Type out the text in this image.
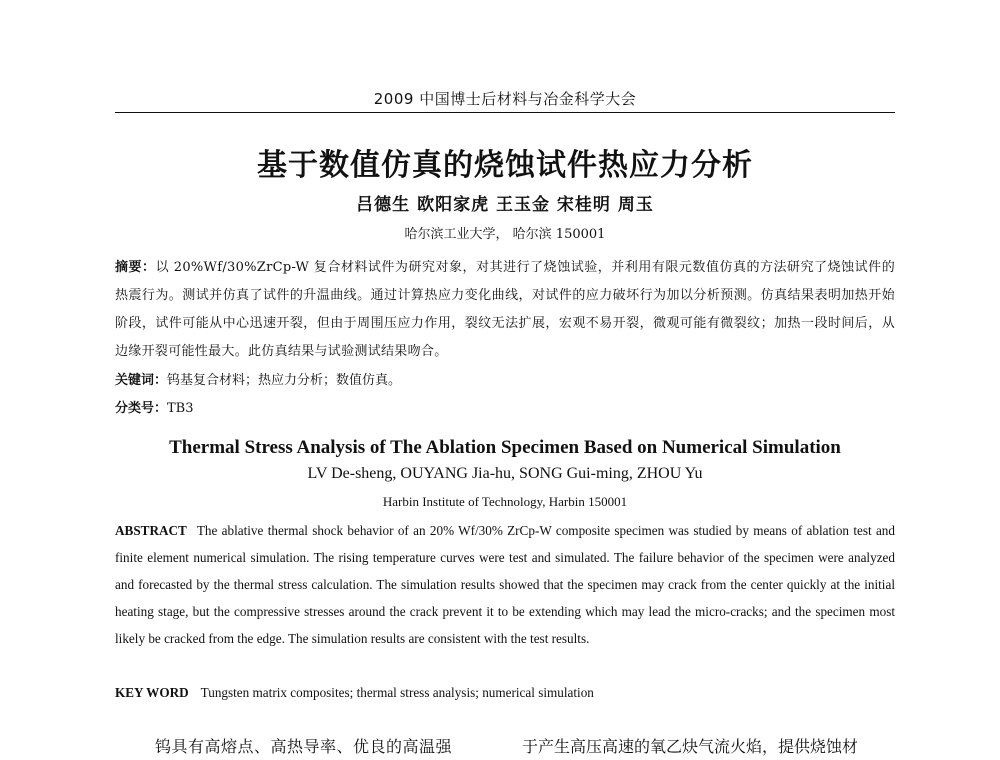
2009 中国博士后材料与冶金科学大会
基于数值仿真的烧蚀试件热应力分析
吕德生 欧阳家虎 王玉金 宋桂明 周玉
哈尔滨工业大学， 哈尔滨 150001
摘要：以 20%Wf/30%ZrCp-W 复合材料试件为研究对象，对其进行了烧蚀试验，并利用有限元数值仿真的方法研究了烧蚀试件的热震行为。测试并仿真了试件的升温曲线。通过计算热应力变化曲线，对试件的应力破坏行为加以分析预测。仿真结果表明加热开始阶段，试件可能从中心迅速开裂，但由于周围压应力作用，裂纹无法扩展，宏观不易开裂，微观可能有微裂纹；加热一段时间后，从边缘开裂可能性最大。此仿真结果与试验测试结果吻合。
关键词：钨基复合材料；热应力分析；数值仿真。
分类号：TB3
Thermal Stress Analysis of The Ablation Specimen Based on Numerical Simulation
LV De-sheng, OUYANG Jia-hu, SONG Gui-ming, ZHOU Yu
Harbin Institute of Technology, Harbin 150001
ABSTRACT The ablative thermal shock behavior of an 20% Wf/30% ZrCp-W composite specimen was studied by means of ablation test and finite element numerical simulation. The rising temperature curves were test and simulated. The failure behavior of the specimen were analyzed and forecasted by the thermal stress calculation. The simulation results showed that the specimen may crack from the center quickly at the initial heating stage, but the compressive stresses around the crack prevent it to be extending which may lead the micro-cracks; and the specimen most likely be cracked from the edge. The simulation results are consistent with the test results.
KEY WORD Tungsten matrix composites; thermal stress analysis; numerical simulation
钨具有高熔点、高热导率、优良的高温强	于产生高压高速的氧乙炔气流火焰，提供烧蚀材
